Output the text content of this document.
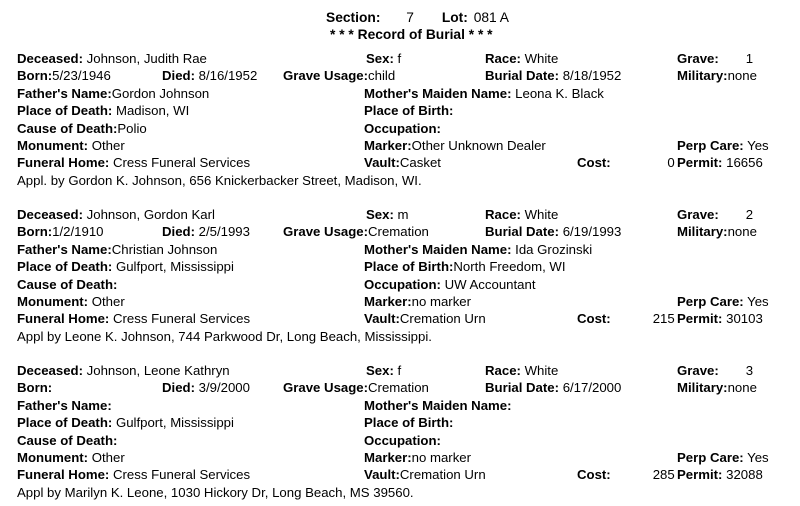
Section: 7 Lot: 081 A
* * * Record of Burial * * *
Deceased: Johnson, Judith Rae	Sex: f	Race: White	Grave: 1
Born:5/23/1946	Died: 8/16/1952 Grave Usage:child	Burial Date: 8/18/1952	Military:none
Father's Name:Gordon Johnson	Mother's Maiden Name: Leona K. Black
Place of Death: Madison, WI	Place of Birth:
Cause of Death:Polio	Occupation:
Monument: Other	Marker:Other Unknown Dealer	Perp Care: Yes
Funeral Home: Cress Funeral Services	Vault:Casket	Cost:	0 Permit: 16656
Appl. by Gordon K. Johnson, 656 Knickerbacker Street, Madison, WI.
Deceased: Johnson, Gordon Karl	Sex: m	Race: White	Grave: 2
Born:1/2/1910	Died: 2/5/1993	Grave Usage:Cremation	Burial Date: 6/19/1993	Military:none
Father's Name:Christian Johnson	Mother's Maiden Name: Ida Grozinski
Place of Death: Gulfport, Mississippi	Place of Birth:North Freedom, WI
Cause of Death:	Occupation: UW Accountant
Monument: Other	Marker:no marker	Perp Care: Yes
Funeral Home: Cress Funeral Services	Vault:Cremation Urn	Cost:	215 Permit: 30103
Appl by Leone K. Johnson, 744 Parkwood Dr, Long Beach, Mississippi.
Deceased: Johnson, Leone Kathryn	Sex: f	Race: White	Grave: 3
Born:	Died: 3/9/2000	Grave Usage:Cremation	Burial Date: 6/17/2000	Military:none
Father's Name:	Mother's Maiden Name:
Place of Death: Gulfport, Mississippi	Place of Birth:
Cause of Death:	Occupation:
Monument: Other	Marker:no marker	Perp Care: Yes
Funeral Home: Cress Funeral Services	Vault:Cremation Urn	Cost:	285 Permit: 32088
Appl by Marilyn K. Leone, 1030 Hickory Dr, Long Beach, MS 39560.
